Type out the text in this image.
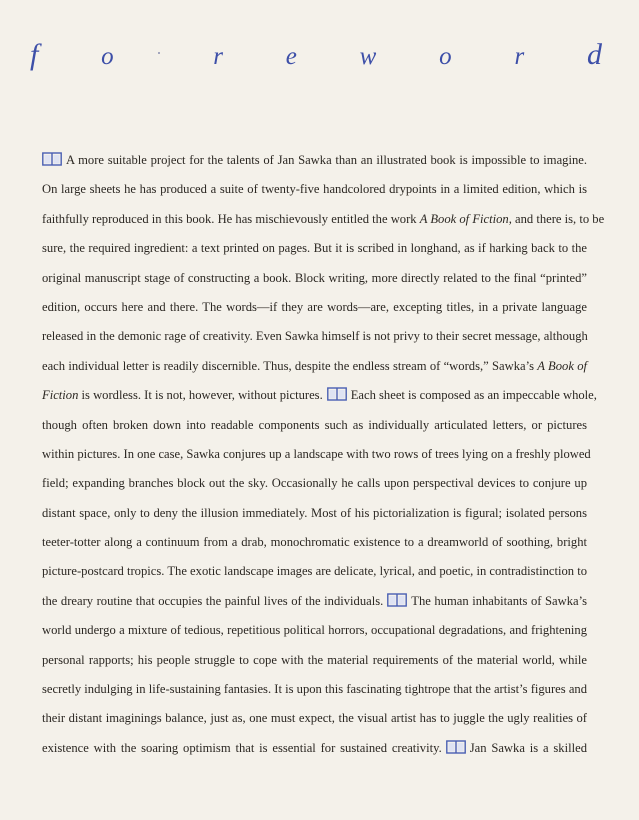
f	o	r	e	w	o	r d
A more suitable project for the talents of Jan Sawka than an illustrated book is impossible to imagine.
On large sheets he has produced a suite of twenty-five handcolored drypoints in a limited edition, which is
faithfully reproduced in this book. He has mischievously entitled the work A Book of Fiction, and there is, to be
sure, the required ingredient: a text printed on pages. But it is scribed in longhand, as if harking back to the
original manuscript stage of constructing a book. Block writing, more directly related to the final “printed”
edition, occurs here and there. The words—if they are words—are, excepting titles, in a private language
released in the demonic rage of creativity. Even Sawka himself is not privy to their secret message, although
each individual letter is readily discernible. Thus, despite the endless stream of “words,” Sawka’s A Book of
Fiction is wordless. It is not, however, without pictures. Each sheet is composed as an impeccable whole,
though often broken down into readable components such as individually articulated letters, or pictures
within pictures. In one case, Sawka conjures up a landscape with two rows of trees lying on a freshly plowed
field; expanding branches block out the sky. Occasionally he calls upon perspectival devices to conjure up
distant space, only to deny the illusion immediately. Most of his pictorialization is figural; isolated persons
teeter-totter along a continuum from a drab, monochromatic existence to a dreamworld of soothing, bright
picture-postcard tropics. The exotic landscape images are delicate, lyrical, and poetic, in contradistinction to
the dreary routine that occupies the painful lives of the individuals. The human inhabitants of Sawka’s
world undergo a mixture of tedious, repetitious political horrors, occupational degradations, and frightening
personal rapports; his people struggle to cope with the material requirements of the material world, while
secretly indulging in life-sustaining fantasies. It is upon this fascinating tightrope that the artist’s figures and
their distant imaginings balance, just as, one must expect, the visual artist has to juggle the ugly realities of
existence with the soaring optimism that is essential for sustained creativity. Jan Sawka is a skilled
